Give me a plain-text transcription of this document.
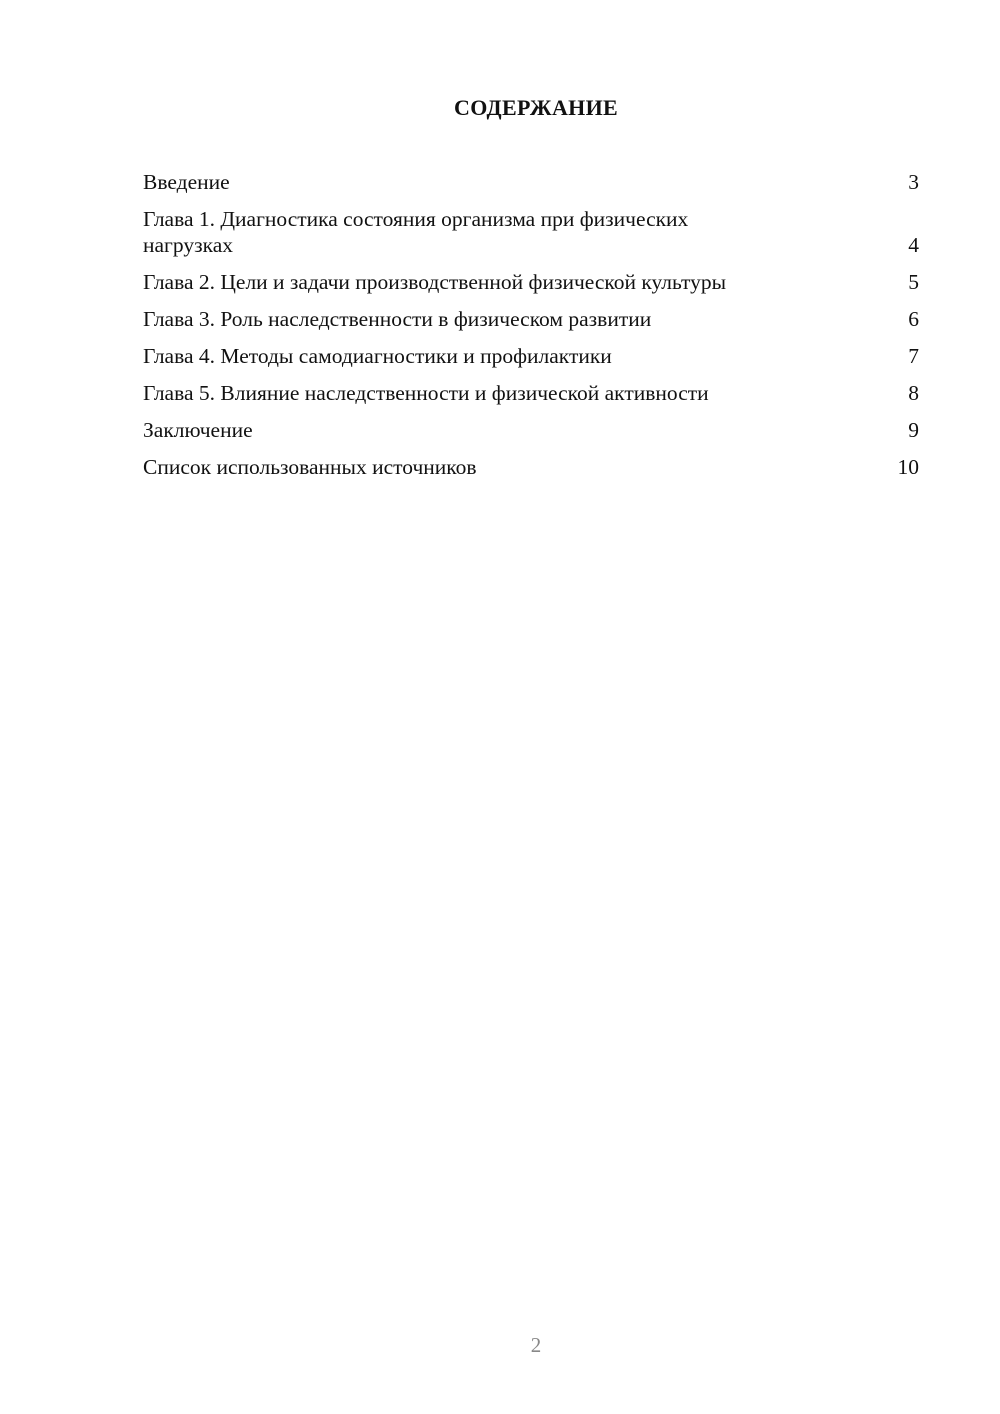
СОДЕРЖАНИЕ
Введение	3
Глава 1. Диагностика состояния организма при физических нагрузках	4
Глава 2. Цели и задачи производственной физической культуры	5
Глава 3. Роль наследственности в физическом развитии	6
Глава 4. Методы самодиагностики и профилактики	7
Глава 5. Влияние наследственности и физической активности	8
Заключение	9
Список использованных источников	10
2
